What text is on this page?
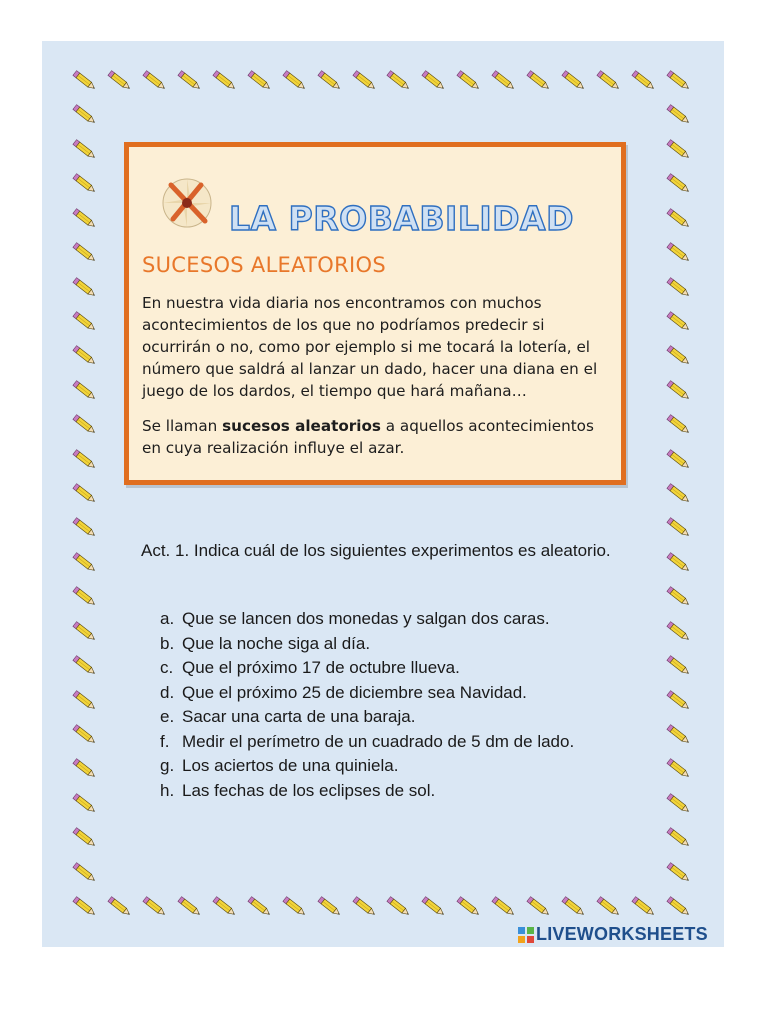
LA PROBABILIDAD
SUCESOS ALEATORIOS

En nuestra vida diaria nos encontramos con muchos acontecimientos de los que no podríamos predecir si ocurrirán o no, como por ejemplo si me tocará la lotería, el número que saldrá al lanzar un dado, hacer una diana en el juego de los dardos, el tiempo que hará mañana…

Se llaman sucesos aleatorios a aquellos acontecimientos en cuya realización influye el azar.

Act. 1. Indica cuál de los siguientes experimentos es aleatorio.

a. Que se lancen dos monedas y salgan dos caras.
b. Que la noche siga al día.
c. Que el próximo 17 de octubre llueva.
d. Que el próximo 25 de diciembre sea Navidad.
e. Sacar una carta de una baraja.
f. Medir el perímetro de un cuadrado de 5 dm de lado.
g. Los aciertos de una quiniela.
h. Las fechas de los eclipses de sol.
LIVEWORKSHEETS
